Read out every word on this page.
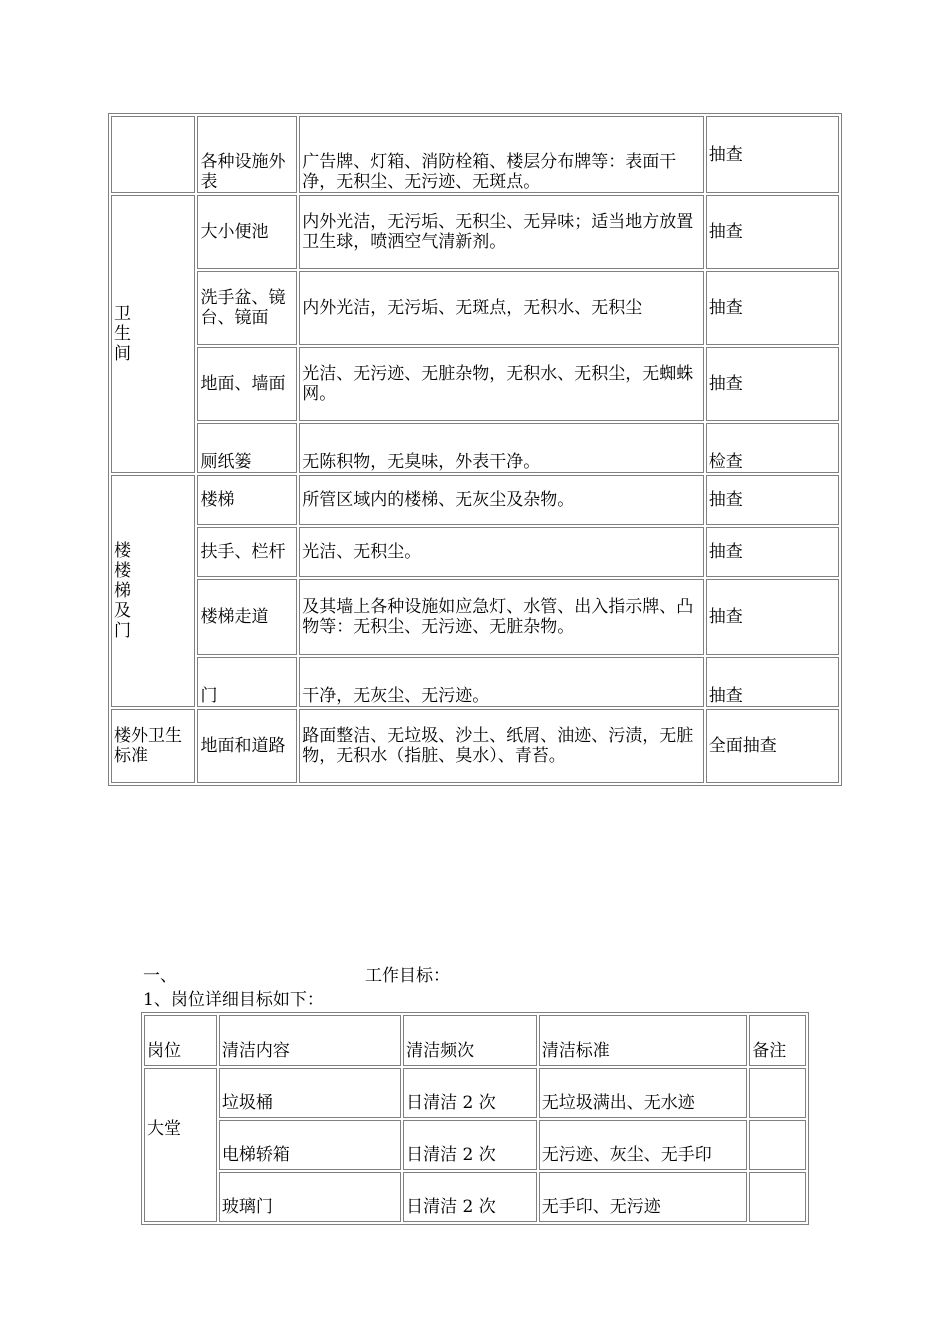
	各种设施外表	广告牌、灯箱、消防栓箱、楼层分布牌等：表面干净，无积尘、无污迹、无斑点。	抽查

卫生间	大小便池	内外光洁，无污垢、无积尘、无异味；适当地方放置卫生球，喷洒空气清新剂。	抽查
	洗手盆、镜台、镜面	内外光洁，无污垢、无斑点，无积水、无积尘	抽查
	地面、墙面	光洁、无污迹、无脏杂物，无积水、无积尘，无蜘蛛网。	抽查
	厕纸篓	无陈积物，无臭味，外表干净。	检查

楼楼梯及门	楼梯	所管区域内的楼梯、无灰尘及杂物。	抽查
	扶手、栏杆	光洁、无积尘。	抽查
	楼梯走道	及其墙上各种设施如应急灯、水管、出入指示牌、凸物等：无积尘、无污迹、无脏杂物。	抽查
	门	干净，无灰尘、无污迹。	抽查
楼外卫生标准	地面和道路	路面整洁、无垃圾、沙土、纸屑、油迹、污渍，无脏物，无积水（指脏、臭水）、青苔。	全面抽查
一、	工作目标：
1、岗位详细目标如下：
岗位	清洁内容	清洁频次	清洁标准	备注
大堂	垃圾桶	日清洁 2 次	无垃圾满出、无水迹	
	电梯轿箱	日清洁 2 次	无污迹、灰尘、无手印	
	玻璃门	日清洁 2 次	无手印、无污迹	
